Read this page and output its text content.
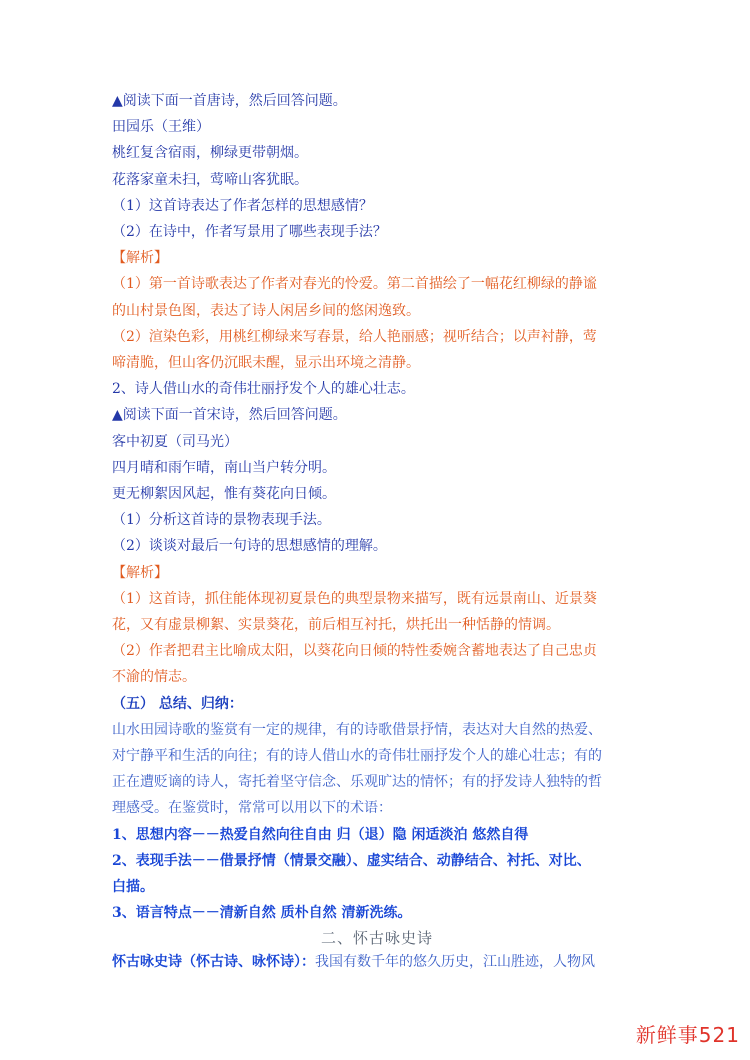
▲阅读下面一首唐诗，然后回答问题。
田园乐（王维）
桃红复含宿雨，柳绿更带朝烟。
花落家童未扫，莺啼山客犹眠。
（1）这首诗表达了作者怎样的思想感情？
（2）在诗中，作者写景用了哪些表现手法？
【解析】
（1）第一首诗歌表达了作者对春光的怜爱。第二首描绘了一幅花红柳绿的静谧
的山村景色图，表达了诗人闲居乡间的悠闲逸致。
（2）渲染色彩，用桃红柳绿来写春景，给人艳丽感；视听结合；以声衬静，莺
啼清脆，但山客仍沉眠未醒，显示出环境之清静。
2、诗人借山水的奇伟壮丽抒发个人的雄心壮志。
▲阅读下面一首宋诗，然后回答问题。
客中初夏（司马光）
四月晴和雨乍晴，南山当户转分明。
更无柳絮因风起，惟有葵花向日倾。
（1）分析这首诗的景物表现手法。
（2）谈谈对最后一句诗的思想感情的理解。
【解析】
（1）这首诗，抓住能体现初夏景色的典型景物来描写，既有远景南山、近景葵
花，又有虚景柳絮、实景葵花，前后相互衬托，烘托出一种恬静的情调。
（2）作者把君主比喻成太阳，以葵花向日倾的特性委婉含蓄地表达了自己忠贞
不渝的情志。
（五） 总结、归纳：
山水田园诗歌的鉴赏有一定的规律，有的诗歌借景抒情，表达对大自然的热爱、
对宁静平和生活的向往；有的诗人借山水的奇伟壮丽抒发个人的雄心壮志；有的
正在遭贬谪的诗人，寄托着坚守信念、乐观旷达的情怀；有的抒发诗人独特的哲
理感受。在鉴赏时，常常可以用以下的术语：
1、思想内容－－热爱自然向往自由 归（退）隐 闲适淡泊 悠然自得
2、表现手法－－借景抒情（情景交融）、虚实结合、动静结合、衬托、对比、
白描。
3、语言特点－－清新自然 质朴自然 清新洗练。
二、怀古咏史诗
怀古咏史诗（怀古诗、咏怀诗）：我国有数千年的悠久历史，江山胜迹，人物风
新鲜事521
